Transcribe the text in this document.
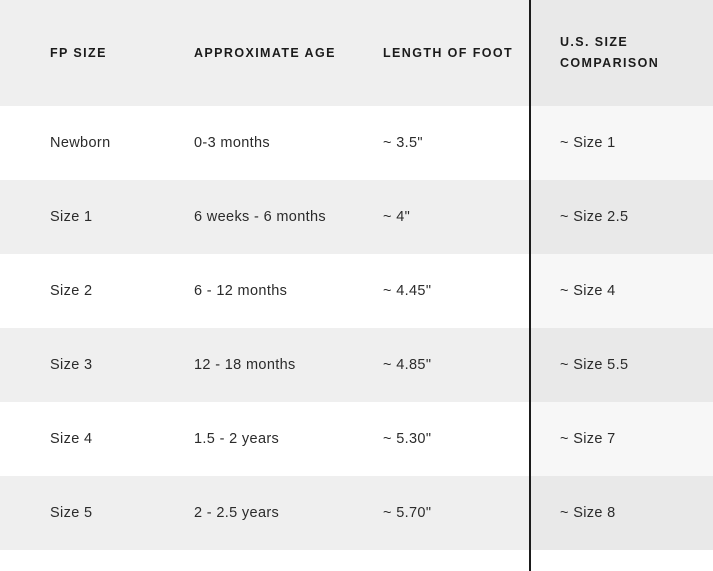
FP SIZE	APPROXIMATE AGE	LENGTH OF FOOT	U.S. SIZE COMPARISON
Newborn	0-3 months	~ 3.5"	~ Size 1
Size 1	6 weeks - 6 months	~ 4"	~ Size 2.5
Size 2	6 - 12 months	~ 4.45"	~ Size 4
Size 3	12 - 18 months	~ 4.85"	~ Size 5.5
Size 4	1.5 - 2 years	~ 5.30"	~ Size 7
Size 5	2 - 2.5 years	~ 5.70"	~ Size 8
